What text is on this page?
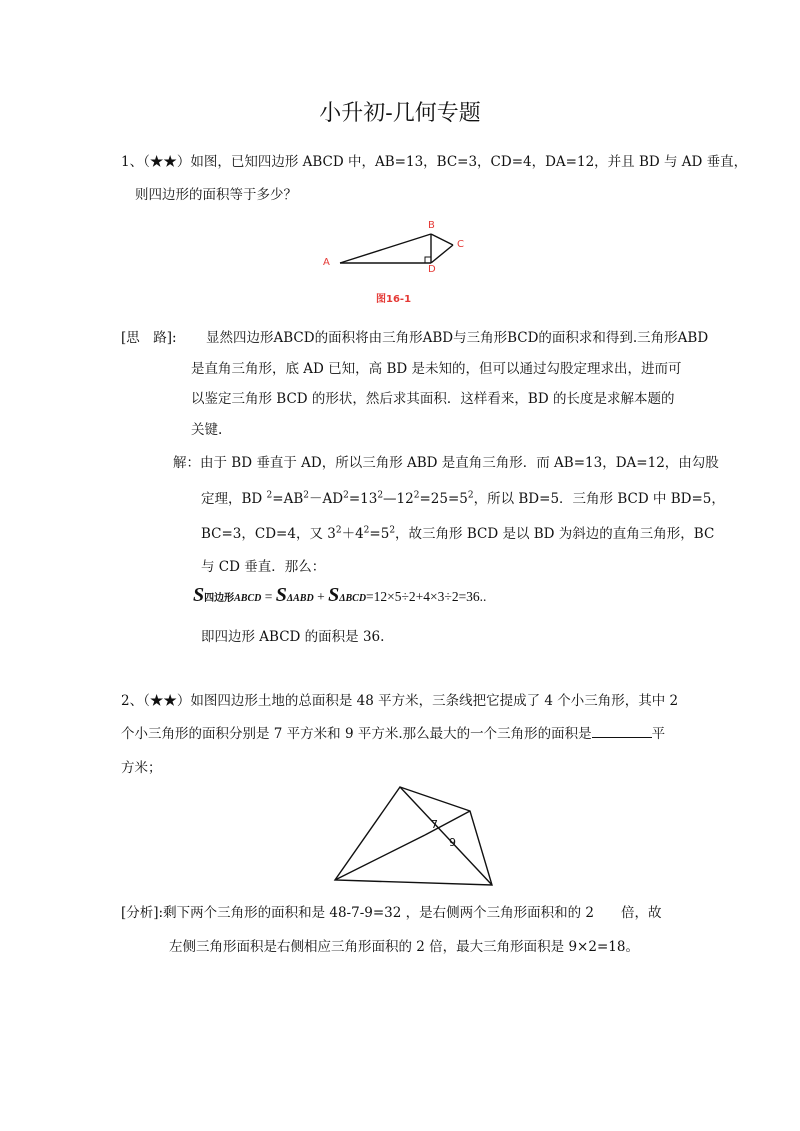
小升初-几何专题
1、（★★）如图，已知四边形 ABCD 中，AB=13，BC=3，CD=4，DA=12，并且 BD 与 AD 垂直，
则四边形的面积等于多少？
A
B
C
D
图16-1
[思　路]: 显然四边形ABCD的面积将由三角形ABD与三角形BCD的面积求和得到.三角形ABD
是直角三角形，底 AD 已知，高 BD 是未知的，但可以通过勾股定理求出，进而可
以鉴定三角形 BCD 的形状，然后求其面积．这样看来，BD 的长度是求解本题的
关键.
解：由于 BD 垂直于 AD，所以三角形 ABD 是直角三角形．而 AB=13，DA=12，由勾股
定理，BD $^2=AB^2-AD^2=13^2—12^2=25=5^2$，所以 BD=5．三角形 BCD 中 BD=5，
BC=3，CD=4，又 $3^2+4^2=5^2$，故三角形 BCD 是以 BD 为斜边的直角三角形，BC
与 CD 垂直．那么：
S四边形ABCD = SΔABD + SΔBCD=12×5÷2+4×3÷2=36..
即四边形 ABCD 的面积是 36.
2、（★★）如图四边形土地的总面积是 48 平方米，三条线把它提成了 4 个小三角形，其中 2
个小三角形的面积分别是 7 平方米和 9 平方米.那么最大的一个三角形的面积是	平
方米；
7
9
[分析]:剩下两个三角形的面积和是 48-7-9=32 ，是右侧两个三角形面积和的 2　　倍，故
左侧三角形面积是右侧相应三角形面积的 2 倍，最大三角形面积是 9×2=18。
